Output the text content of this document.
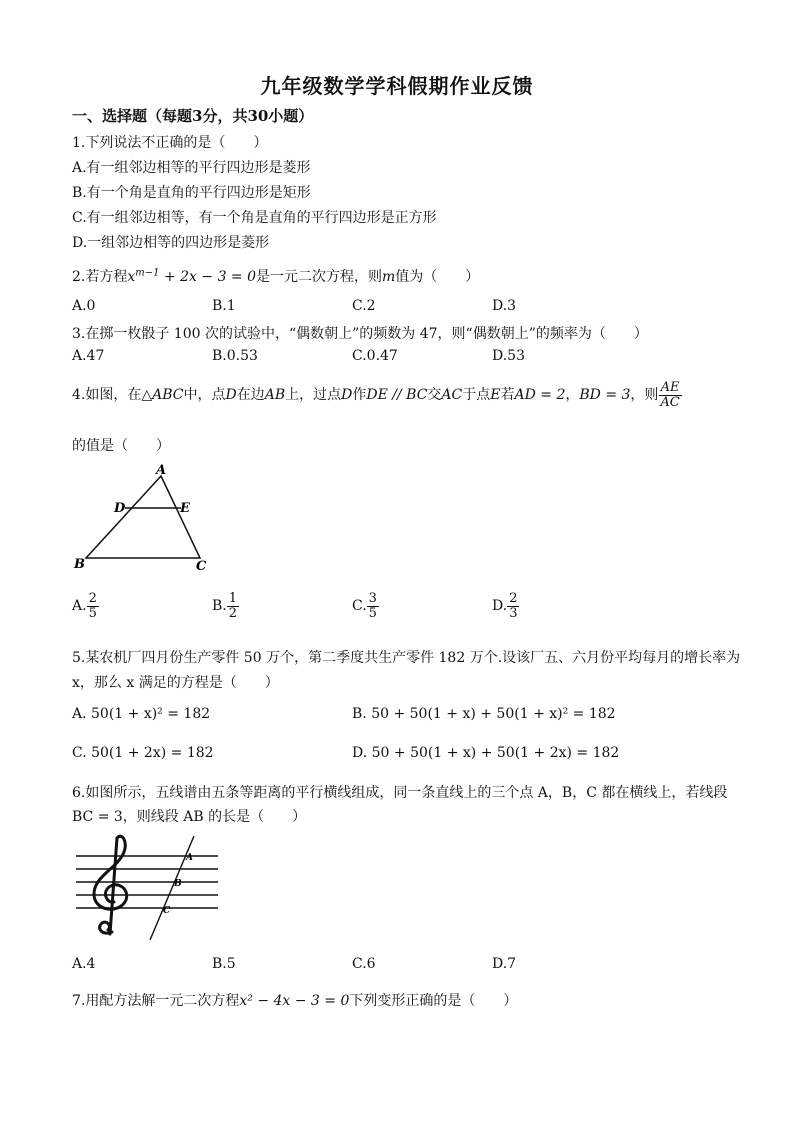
九年级数学学科假期作业反馈
一、选择题（每题3分，共30小题）
1.下列说法不正确的是（　　）
A.有一组邻边相等的平行四边形是菱形
B.有一个角是直角的平行四边形是矩形
C.有一组邻边相等，有一个角是直角的平行四边形是正方形
D.一组邻边相等的四边形是菱形
2.若方程$x^{m-1} + 2x - 3 = 0$是一元二次方程，则m值为（　　）
A.0	B.1	C.2	D.3
3.在掷一枚骰子 100 次的试验中，“偶数朝上”的频数为 47，则“偶数朝上”的频率为（　　）
A.47	B.0.53	C.0.47	D.53
4.如图，在△ABC中，点D在边AB上，过点D作DE // BC交AC于点E若AD = 2，BD = 3，则 $\frac{AE}{AC}$
的值是（　　）
A
D	E
B	C
A. $\frac{2}{5}$	B. $\frac{1}{2}$	C. $\frac{3}{5}$	D. $\frac{2}{3}$
5.某农机厂四月份生产零件 50 万个，第二季度共生产零件 182 万个.设该厂五、六月份平均每月的增长率为
x，那么 x 满足的方程是（　　）
A. 50(1 + x)² = 182	B. 50 + 50(1 + x) + 50(1 + x)² = 182
C. 50(1 + 2x) = 182	D. 50 + 50(1 + x) + 50(1 + 2x) = 182
6.如图所示，五线谱由五条等距离的平行横线组成，同一条直线上的三个点 A，B，C 都在横线上，若线段
BC = 3，则线段 AB 的长是（　　）
A
B
C
A.4	B.5	C.6	D.7
7.用配方法解一元二次方程x² − 4x − 3 = 0下列变形正确的是（　　）
